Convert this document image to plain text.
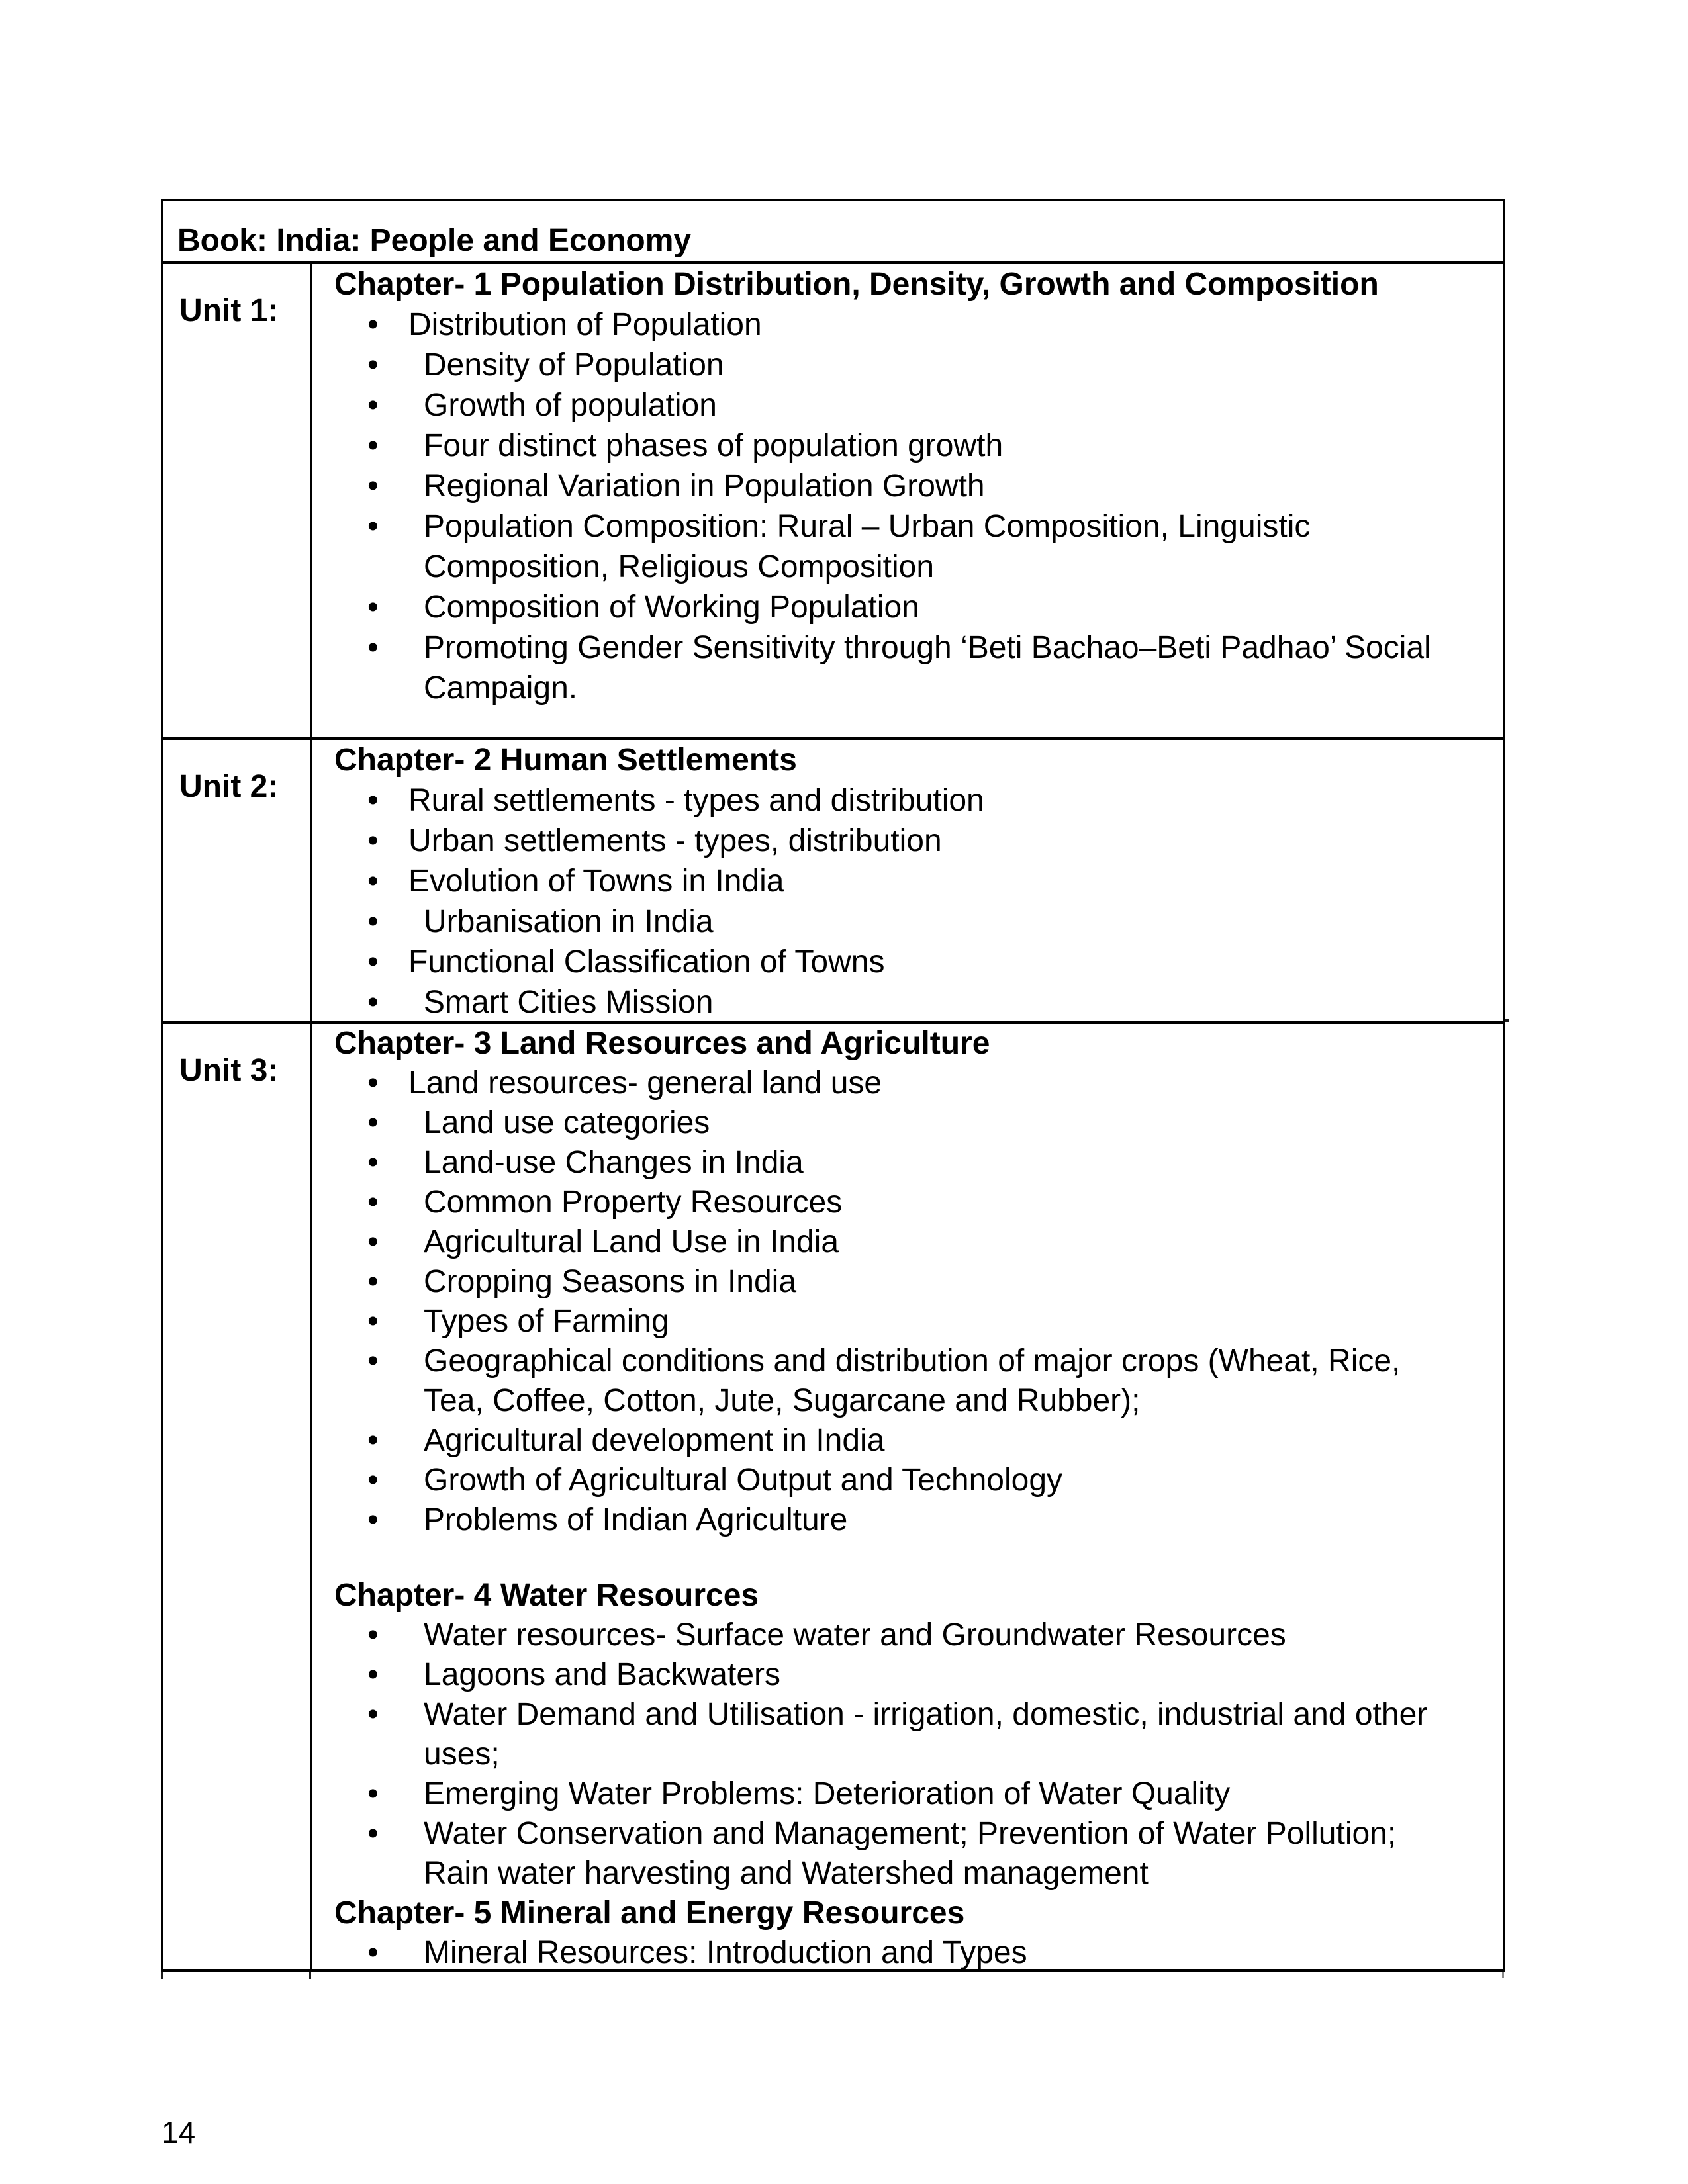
Book: India: People and Economy
Unit 1:
Chapter- 1 Population Distribution, Density, Growth and Composition
• Distribution of Population
• Density of Population
• Growth of population
• Four distinct phases of population growth
• Regional Variation in Population Growth
• Population Composition: Rural – Urban Composition, Linguistic
Composition, Religious Composition
• Composition of Working Population
• Promoting Gender Sensitivity through ‘Beti Bachao–Beti Padhao’ Social
Campaign.
Unit 2:
Chapter- 2 Human Settlements
• Rural settlements - types and distribution
• Urban settlements - types, distribution
• Evolution of Towns in India
• Urbanisation in India
• Functional Classification of Towns
• Smart Cities Mission
Unit 3:
Chapter- 3 Land Resources and Agriculture
• Land resources- general land use
• Land use categories
• Land-use Changes in India
• Common Property Resources
• Agricultural Land Use in India
• Cropping Seasons in India
• Types of Farming
• Geographical conditions and distribution of major crops (Wheat, Rice,
Tea, Coffee, Cotton, Jute, Sugarcane and Rubber);
• Agricultural development in India
• Growth of Agricultural Output and Technology
• Problems of Indian Agriculture
Chapter- 4 Water Resources
• Water resources- Surface water and Groundwater Resources
• Lagoons and Backwaters
• Water Demand and Utilisation - irrigation, domestic, industrial and other
uses;
• Emerging Water Problems: Deterioration of Water Quality
• Water Conservation and Management; Prevention of Water Pollution;
Rain water harvesting and Watershed management
Chapter- 5 Mineral and Energy Resources
• Mineral Resources: Introduction and Types
14
